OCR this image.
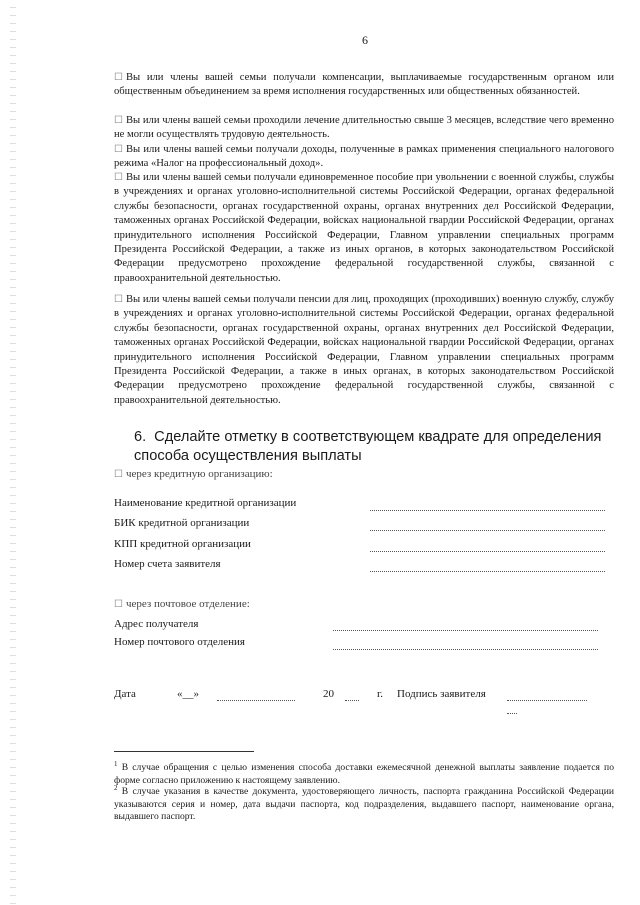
6
☐ Вы или члены вашей семьи получали компенсации, выплачиваемые государственным органом или общественным объединением за время исполнения государственных или общественных обязанностей.
☐ Вы или члены вашей семьи проходили лечение длительностью свыше 3 месяцев, вследствие чего временно не могли осуществлять трудовую деятельность.
☐ Вы или члены вашей семьи получали доходы, полученные в рамках применения специального налогового режима «Налог на профессиональный доход».
☐ Вы или члены вашей семьи получали единовременное пособие при увольнении с военной службы, службы в учреждениях и органах уголовно-исполнительной системы Российской Федерации, органах федеральной службы безопасности, органах государственной охраны, органах внутренних дел Российской Федерации, таможенных органах Российской Федерации, войсках национальной гвардии Российской Федерации, органах принудительного исполнения Российской Федерации, Главном управлении специальных программ Президента Российской Федерации, а также из иных органов, в которых законодательством Российской Федерации предусмотрено прохождение федеральной государственной службы, связанной с правоохранительной деятельностью.
☐ Вы или члены вашей семьи получали пенсии для лиц, проходящих (проходивших) военную службу, службу в учреждениях и органах уголовно-исполнительной системы Российской Федерации, органах федеральной службы безопасности, органах государственной охраны, органах внутренних дел Российской Федерации, таможенных органах Российской Федерации, войсках национальной гвардии Российской Федерации, органах принудительного исполнения Российской Федерации, Главном управлении специальных программ Президента Российской Федерации, а также в иных органах, в которых законодательством Российской Федерации предусмотрено прохождение федеральной государственной службы, связанной с правоохранительной деятельностью.
6. Сделайте отметку в соответствующем квадрате для определения способа осуществления выплаты
☐ через кредитную организацию:
Наименование кредитной организации
БИК кредитной организации
КПП кредитной организации
Номер счета заявителя
☐ через почтовое отделение:
Адрес получателя
Номер почтового отделения
Дата	«__»	20	г. Подпись заявителя
$^1$ В случае обращения с целью изменения способа доставки ежемесячной денежной выплаты заявление подается по форме согласно приложению к настоящему заявлению.
$^2$ В случае указания в качестве документа, удостоверяющего личность, паспорта гражданина Российской Федерации указываются серия и номер, дата выдачи паспорта, код подразделения, выдавшего паспорт, наименование органа, выдавшего паспорт.
